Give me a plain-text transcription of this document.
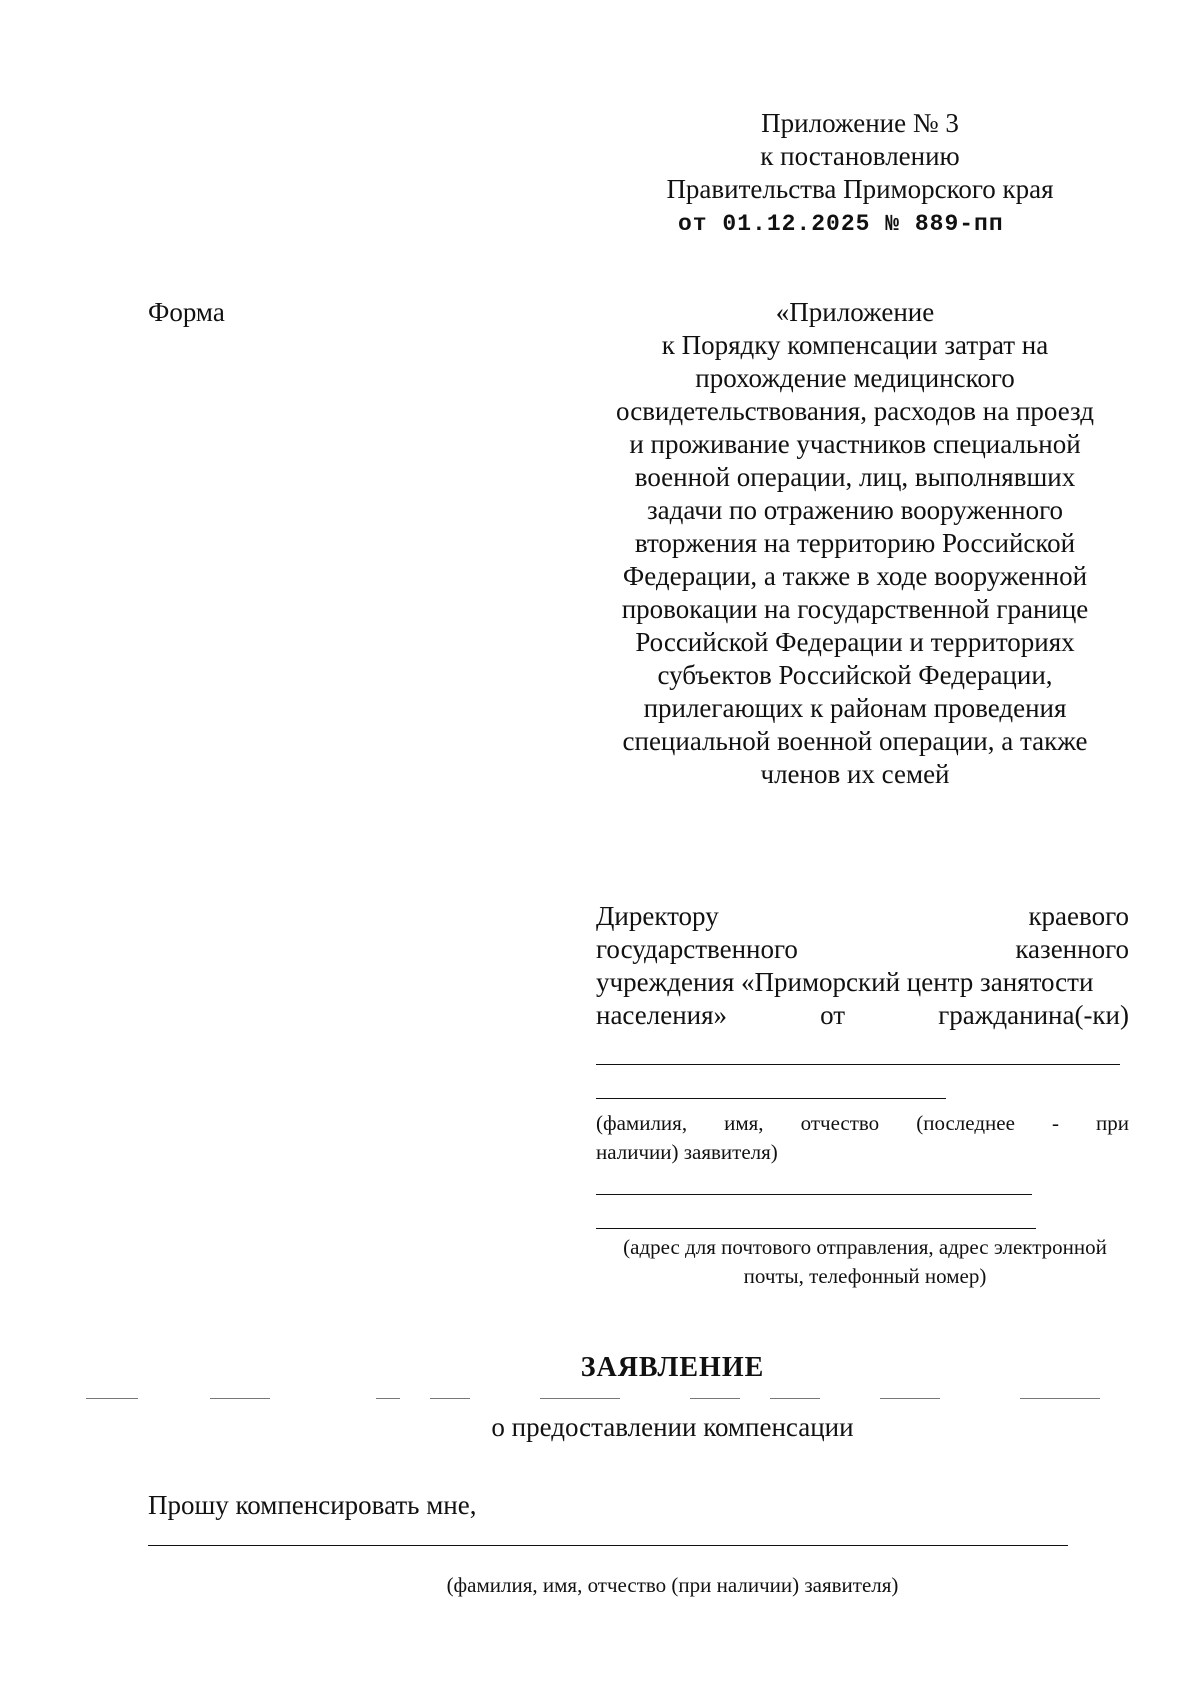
Приложение № 3
к постановлению
Правительства Приморского края
от 01.12.2025 № 889-пп
Форма	«Приложение
к Порядку компенсации затрат на
прохождение медицинского
освидетельствования, расходов на проезд
и проживание участников специальной
военной операции, лиц, выполнявших
задачи по отражению вооруженного
вторжения на территорию Российской
Федерации, а также в ходе вооруженной
провокации на государственной границе
Российской Федерации и территориях
субъектов Российской Федерации,
прилегающих к районам проведения
специальной военной операции, а также
членов их семей
Директору	краевого
государственного	казенного
учреждения «Приморский центр занятости
населения»	от	гражданина(-ки)
(фамилия, имя, отчество (последнее - при
наличии) заявителя)
(адрес для почтового отправления, адрес электронной
почты, телефонный номер)
ЗАЯВЛЕНИЕ
о предоставлении компенсации
Прошу компенсировать мне,
(фамилия, имя, отчество (при наличии) заявителя)
